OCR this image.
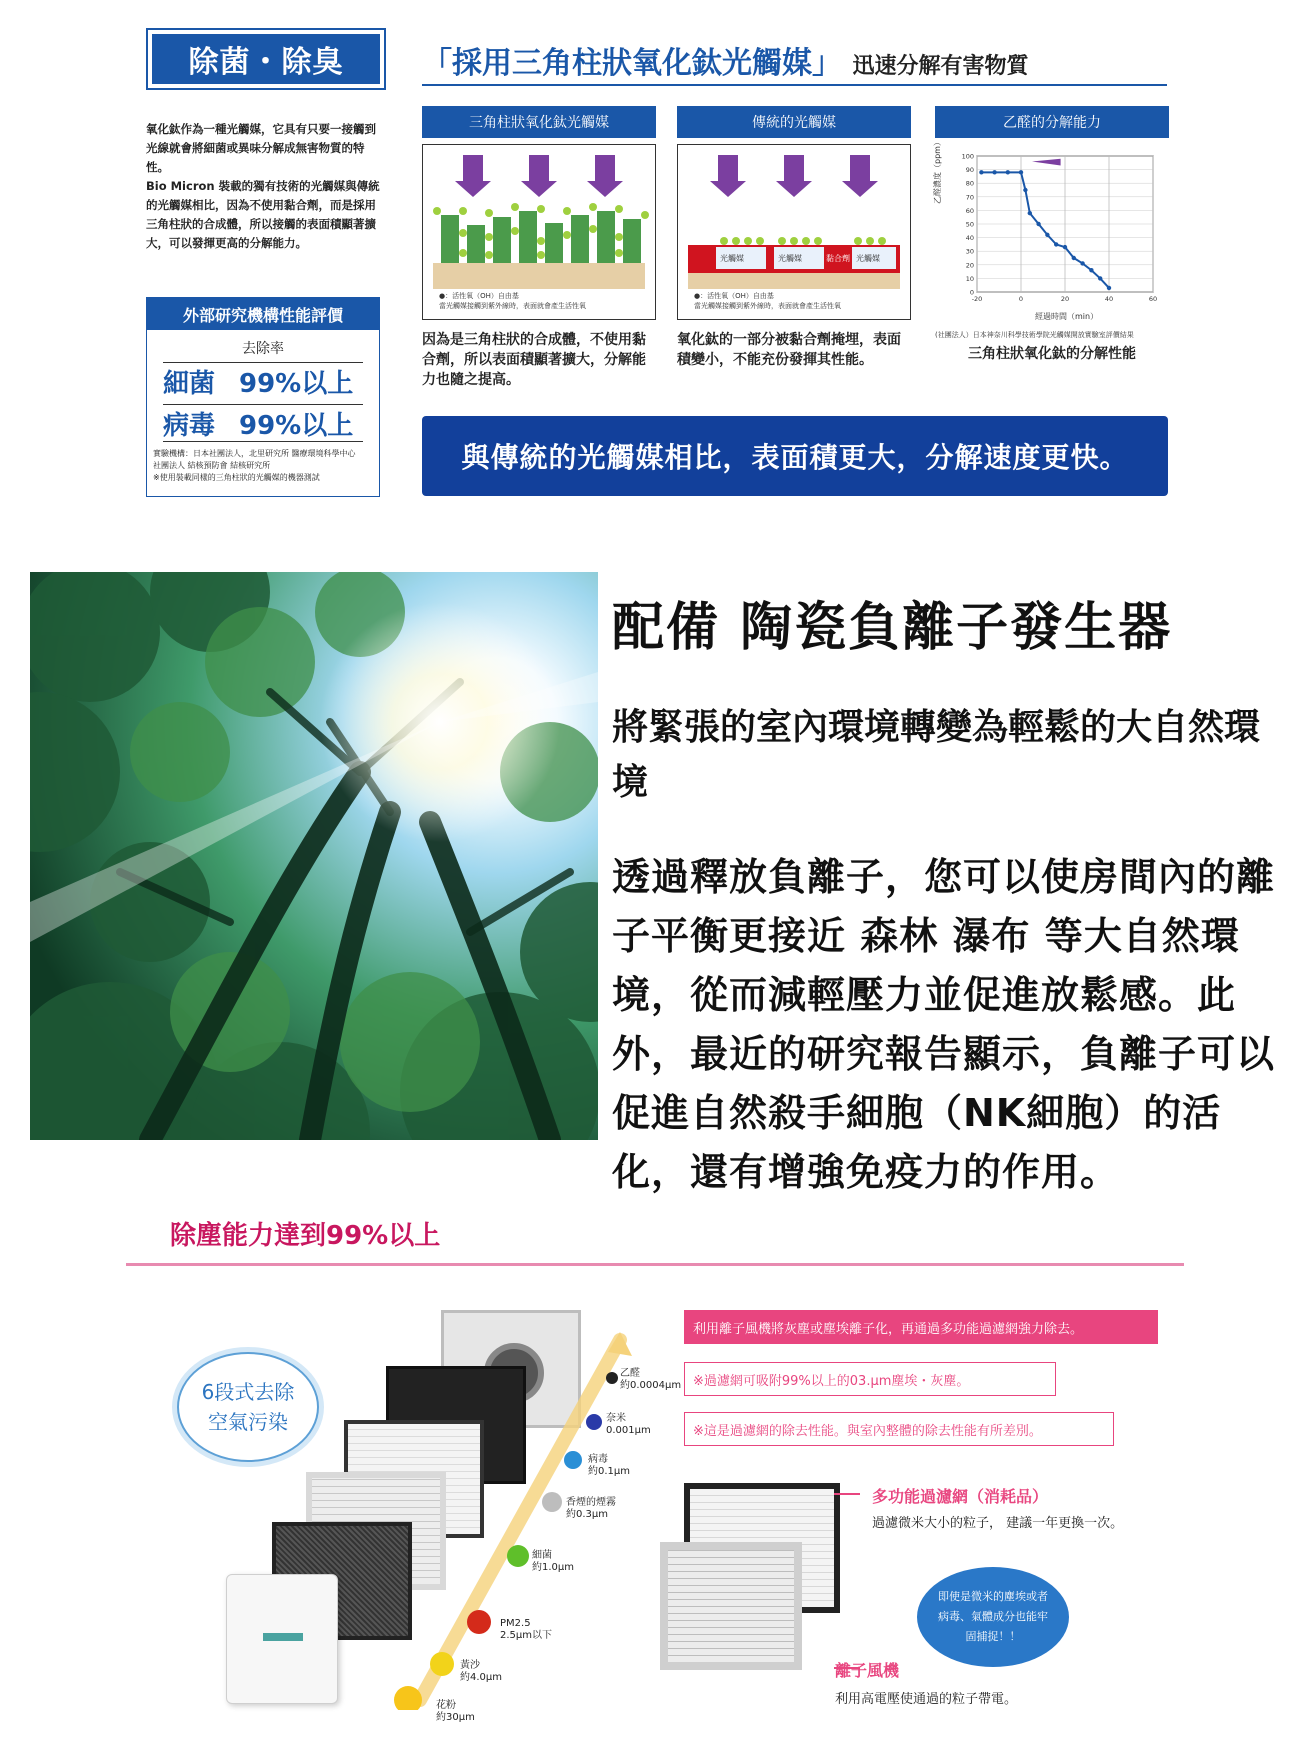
除菌・除臭	「採用三角柱狀氧化鈦光觸媒」 迅速分解有害物質

氧化鈦作為一種光觸媒，它具有只要一接觸到光線就會將細菌或異味分解成無害物質的特性。

Bio Micron 裝載的獨有技術的光觸媒與傳統的光觸媒相比，因為不使用黏合劑，而是採用三角柱狀的合成體，所以接觸的表面積顯著擴大，可以發揮更高的分解能力。

外部研究機構性能評價
去除率
細菌 99%以上
病毒 99%以上
實驗機構：日本社團法人，北里研究所 醫療環境科學中心
社團法人 結核預防會 結核研究所
※使用裝載同樣的三角柱狀的光觸媒的機器測試
三角柱狀氧化鈦光觸媒
●：活性氧（OH）自由基
當光觸媒接觸到紫外線時，表面就會產生活性氧
因為是三角柱狀的合成體，不使用黏合劑，所以表面積顯著擴大，分解能力也隨之提高。
傳統的光觸媒
光觸媒	光觸媒	黏合劑 光觸媒
●：活性氧（OH）自由基
當光觸媒接觸到紫外線時，表面就會產生活性氧
氧化鈦的一部分被黏合劑掩埋，表面積變小，不能充份發揮其性能。
乙醛的分解能力
0
10
20
30
40
50
60
70
80
90
100
-20	0	20	40	60
乙醛濃度（ppm）
經過時間（min）
(社團法人）日本神奈川科學技術學院光觸媒開放實驗室評價結果
三角柱狀氧化鈦的分解性能
與傳統的光觸媒相比，表面積更大，分解速度更快。
配備 陶瓷負離子發生器
將緊張的室內環境轉變為輕鬆的大自然環境
透過釋放負離子，您可以使房間內的離子平衡更接近 森林 瀑布 等大自然環境，從而減輕壓力並促進放鬆感。此外，最近的研究報告顯示，負離子可以促進自然殺手細胞（NK細胞）的活化，還有增強免疫力的作用。
除塵能力達到99%以上
6段式去除空氣污染
乙醛
約0.0004μm
奈米
0.001μm
病毒
約0.1μm
香煙的煙霧
約0.3μm
細菌
約1.0μm
PM2.5
2.5μm以下
黃沙
約4.0μm
花粉
約30μm
利用離子風機將灰塵或塵埃離子化，再通過多功能過濾網強力除去。
※過濾網可吸附99%以上的03.μm塵埃・灰塵。
※這是過濾網的除去性能。與室內整體的除去性能有所差別。
多功能過濾網（消耗品）
過濾微米大小的粒子， 建議一年更換一次。
即使是微米的塵埃或者病毒、氣體成分也能牢固捕捉！！
離子風機
利用高電壓使通過的粒子帶電。
